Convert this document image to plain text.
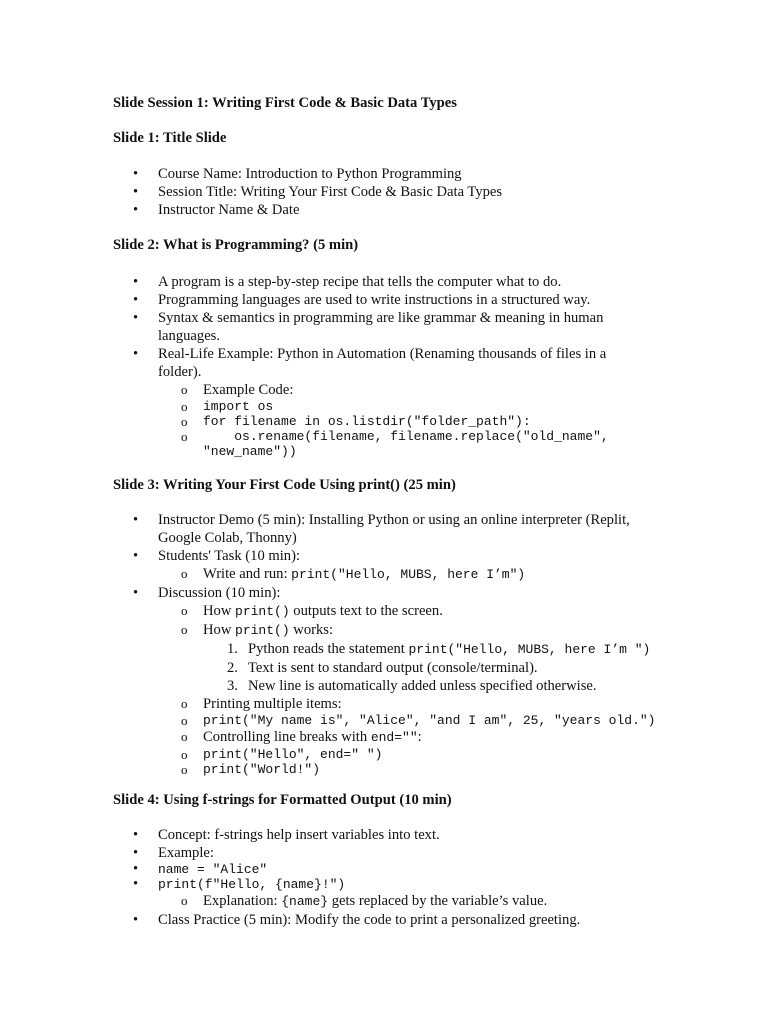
Slide Session 1: Writing First Code & Basic Data Types
Slide 1: Title Slide
• Course Name: Introduction to Python Programming
• Session Title: Writing Your First Code & Basic Data Types
• Instructor Name & Date
Slide 2: What is Programming? (5 min)
• A program is a step-by-step recipe that tells the computer what to do.
• Programming languages are used to write instructions in a structured way.
• Syntax & semantics in programming are like grammar & meaning in human languages.
• Real-Life Example: Python in Automation (Renaming thousands of files in a folder).
o Example Code:
o import os
o for filename in os.listdir("folder_path"):
o     os.rename(filename, filename.replace("old_name", "new_name"))
Slide 3: Writing Your First Code Using print() (25 min)
• Instructor Demo (5 min): Installing Python or using an online interpreter (Replit, Google Colab, Thonny)
• Students' Task (10 min):
o Write and run: print("Hello, MUBS, here I’m")
• Discussion (10 min):
o How print() outputs text to the screen.
o How print() works:
1. Python reads the statement print("Hello, MUBS, here I’m ")
2. Text is sent to standard output (console/terminal).
3. New line is automatically added unless specified otherwise.
o Printing multiple items:
o print("My name is", "Alice", "and I am", 25, "years old.")
o Controlling line breaks with end="":
o print("Hello", end=" ")
o print("World!")
Slide 4: Using f-strings for Formatted Output (10 min)
• Concept: f-strings help insert variables into text.
• Example:
• name = "Alice"
• print(f"Hello, {name}!")
o Explanation: {name} gets replaced by the variable’s value.
• Class Practice (5 min): Modify the code to print a personalized greeting.
